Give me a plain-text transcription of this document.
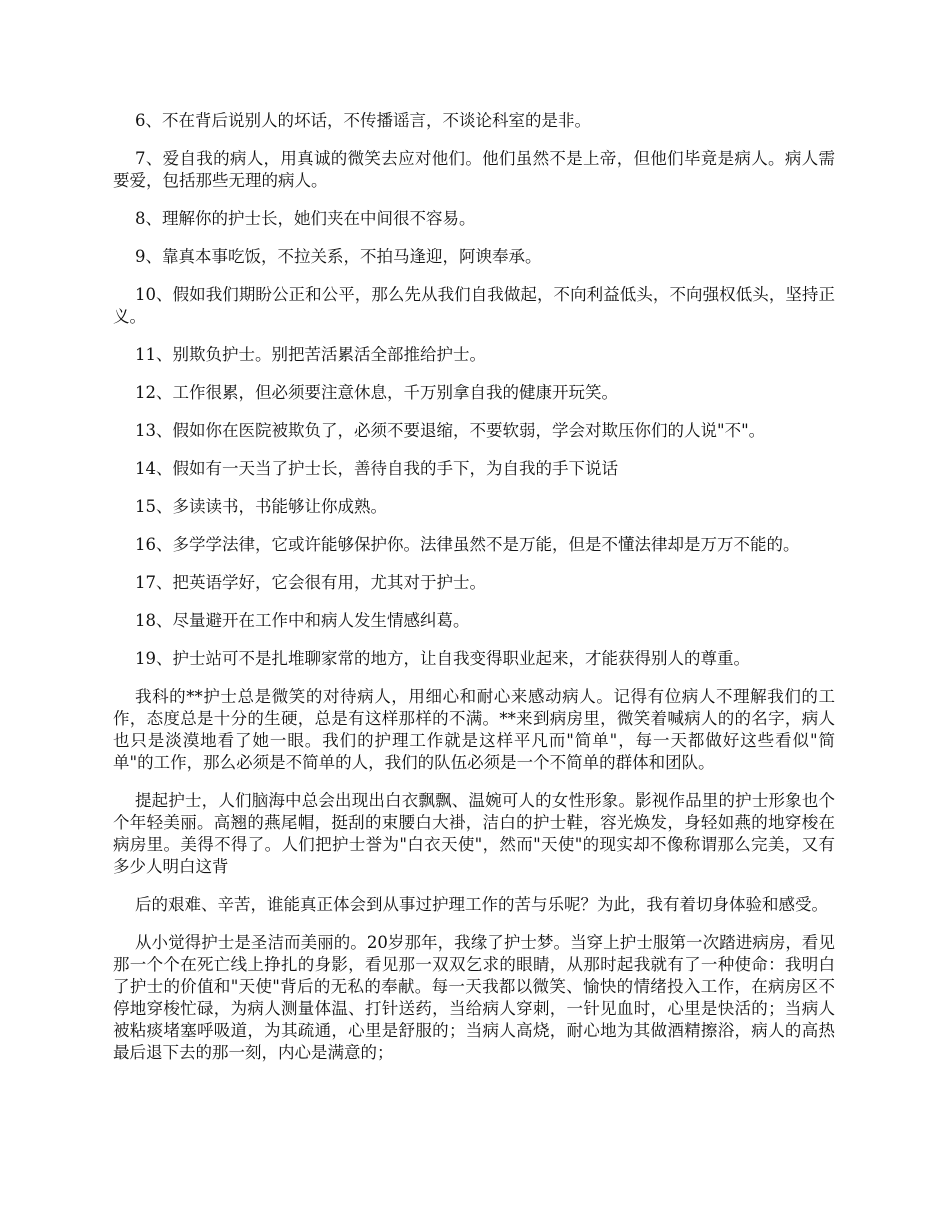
6、不在背后说别人的坏话，不传播谣言，不谈论科室的是非。

7、爱自我的病人，用真诚的微笑去应对他们。他们虽然不是上帝，但他们毕竟是病人。病人需要爱，包括那些无理的病人。

8、理解你的护士长，她们夹在中间很不容易。

9、靠真本事吃饭，不拉关系，不拍马逢迎，阿谀奉承。

10、假如我们期盼公正和公平，那么先从我们自我做起，不向利益低头，不向强权低头，坚持正义。

11、别欺负护士。别把苦活累活全部推给护士。

12、工作很累，但必须要注意休息，千万别拿自我的健康开玩笑。

13、假如你在医院被欺负了，必须不要退缩，不要软弱，学会对欺压你们的人说"不"。

14、假如有一天当了护士长，善待自我的手下，为自我的手下说话

15、多读读书，书能够让你成熟。

16、多学学法律，它或许能够保护你。法律虽然不是万能，但是不懂法律却是万万不能的。

17、把英语学好，它会很有用，尤其对于护士。

18、尽量避开在工作中和病人发生情感纠葛。

19、护士站可不是扎堆聊家常的地方，让自我变得职业起来，才能获得别人的尊重。

我科的**护士总是微笑的对待病人，用细心和耐心来感动病人。记得有位病人不理解我们的工作，态度总是十分的生硬，总是有这样那样的不满。**来到病房里，微笑着喊病人的的名字，病人也只是淡漠地看了她一眼。我们的护理工作就是这样平凡而"简单"，每一天都做好这些看似"简单"的工作，那么必须是不简单的人，我们的队伍必须是一个不简单的群体和团队。

提起护士，人们脑海中总会出现出白衣飘飘、温婉可人的女性形象。影视作品里的护士形象也个个年轻美丽。高翘的燕尾帽，挺刮的束腰白大褂，洁白的护士鞋，容光焕发，身轻如燕的地穿梭在病房里。美得不得了。人们把护士誉为"白衣天使"，然而"天使"的现实却不像称谓那么完美，又有多少人明白这背

后的艰难、辛苦，谁能真正体会到从事过护理工作的苦与乐呢？为此，我有着切身体验和感受。

从小觉得护士是圣洁而美丽的。20岁那年，我缘了护士梦。当穿上护士服第一次踏进病房，看见那一个个在死亡线上挣扎的身影，看见那一双双乞求的眼睛，从那时起我就有了一种使命：我明白了护士的价值和"天使"背后的无私的奉献。每一天我都以微笑、愉快的情绪投入工作，在病房区不停地穿梭忙碌，为病人测量体温、打针送药，当给病人穿刺，一针见血时，心里是快活的；当病人被粘痰堵塞呼吸道，为其疏通，心里是舒服的；当病人高烧，耐心地为其做酒精擦浴，病人的高热最后退下去的那一刻，内心是满意的；
